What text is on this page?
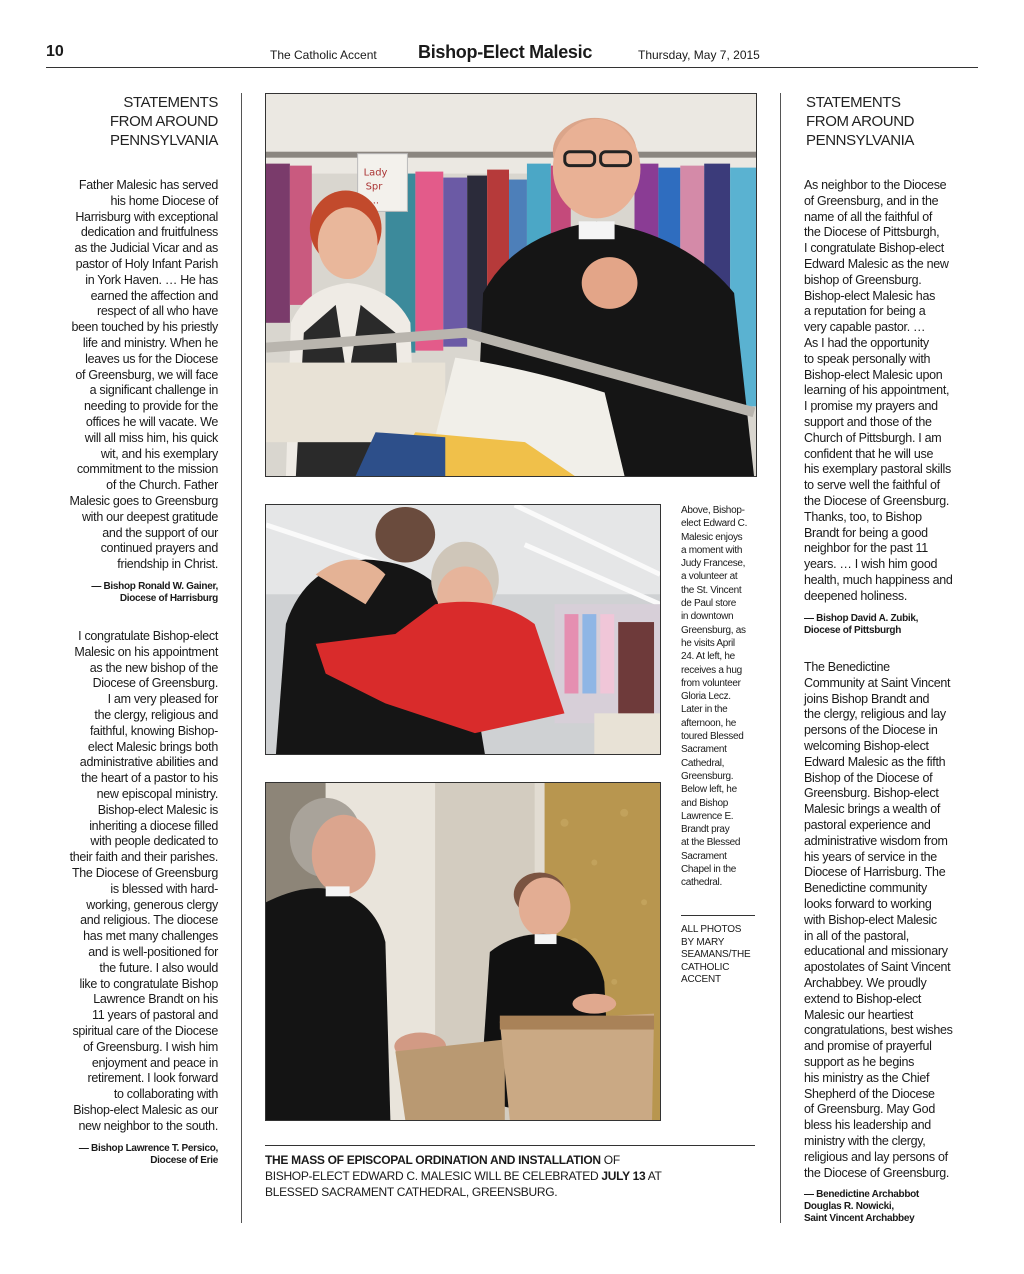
10	The Catholic Accent Bishop-Elect Malesic	Thursday, May 7, 2015
STATEMENTS
FROM AROUND
PENNSYLVANIA
Father Malesic has served
his home Diocese of
Harrisburg with exceptional
dedication and fruitfulness
as the Judicial Vicar and as
pastor of Holy Infant Parish
in York Haven. … He has
earned the affection and
respect of all who have
been touched by his priestly
life and ministry. When he
leaves us for the Diocese
of Greensburg, we will face
a significant challenge in
needing to provide for the
offices he will vacate. We
will all miss him, his quick
wit, and his exemplary
commitment to the mission
of the Church. Father
Malesic goes to Greensburg
with our deepest gratitude
and the support of our
continued prayers and
friendship in Christ.
— Bishop Ronald W. Gainer,
Diocese of Harrisburg
I congratulate Bishop-elect
Malesic on his appointment
as the new bishop of the
Diocese of Greensburg.
I am very pleased for
the clergy, religious and
faithful, knowing Bishop-
elect Malesic brings both
administrative abilities and
the heart of a pastor to his
new episcopal ministry.
Bishop-elect Malesic is
inheriting a diocese filled
with people dedicated to
their faith and their parishes.
The Diocese of Greensburg
is blessed with hard-
working, generous clergy
and religious. The diocese
has met many challenges
and is well-positioned for
the future. I also would
like to congratulate Bishop
Lawrence Brandt on his
11 years of pastoral and
spiritual care of the Diocese
of Greensburg. I wish him
enjoyment and peace in
retirement. I look forward
to collaborating with
Bishop-elect Malesic as our
new neighbor to the south.
— Bishop Lawrence T. Persico,
Diocese of Erie
STATEMENTS
FROM AROUND
PENNSYLVANIA
As neighbor to the Diocese
of Greensburg, and in the
name of all the faithful of
the Diocese of Pittsburgh,
I congratulate Bishop-elect
Edward Malesic as the new
bishop of Greensburg.
Bishop-elect Malesic has
a reputation for being a
very capable pastor. …
As I had the opportunity
to speak personally with
Bishop-elect Malesic upon
learning of his appointment,
I promise my prayers and
support and those of the
Church of Pittsburgh. I am
confident that he will use
his exemplary pastoral skills
to serve well the faithful of
the Diocese of Greensburg.
Thanks, too, to Bishop
Brandt for being a good
neighbor for the past 11
years. … I wish him good
health, much happiness and
deepened holiness.
— Bishop David A. Zubik,
Diocese of Pittsburgh
The Benedictine
Community at Saint Vincent
joins Bishop Brandt and
the clergy, religious and lay
persons of the Diocese in
welcoming Bishop-elect
Edward Malesic as the fifth
Bishop of the Diocese of
Greensburg. Bishop-elect
Malesic brings a wealth of
pastoral experience and
administrative wisdom from
his years of service in the
Diocese of Harrisburg. The
Benedictine community
looks forward to working
with Bishop-elect Malesic
in all of the pastoral,
educational and missionary
apostolates of Saint Vincent
Archabbey. We proudly
extend to Bishop-elect
Malesic our heartiest
congratulations, best wishes
and promise of prayerful
support as he begins
his ministry as the Chief
Shepherd of the Diocese
of Greensburg. May God
bless his leadership and
ministry with the clergy,
religious and lay persons of
the Diocese of Greensburg.
— Benedictine Archabbot
Douglas R. Nowicki,
Saint Vincent Archabbey
Lady
Spr
...
Above, Bishop-
elect Edward C.
Malesic enjoys
a moment with
Judy Francese,
a volunteer at
the St. Vincent
de Paul store
in downtown
Greensburg, as
he visits April
24. At left, he
receives a hug
from volunteer
Gloria Lecz.
Later in the
afternoon, he
toured Blessed
Sacrament
Cathedral,
Greensburg.
Below left, he
and Bishop
Lawrence E.
Brandt pray
at the Blessed
Sacrament
Chapel in the
cathedral.
ALL PHOTOS
BY MARY
SEAMANS/THE
CATHOLIC
ACCENT
THE MASS OF EPISCOPAL ORDINATION AND INSTALLATION OF
BISHOP-ELECT EDWARD C. MALESIC WILL BE CELEBRATED JULY 13 AT
BLESSED SACRAMENT CATHEDRAL, GREENSBURG.
